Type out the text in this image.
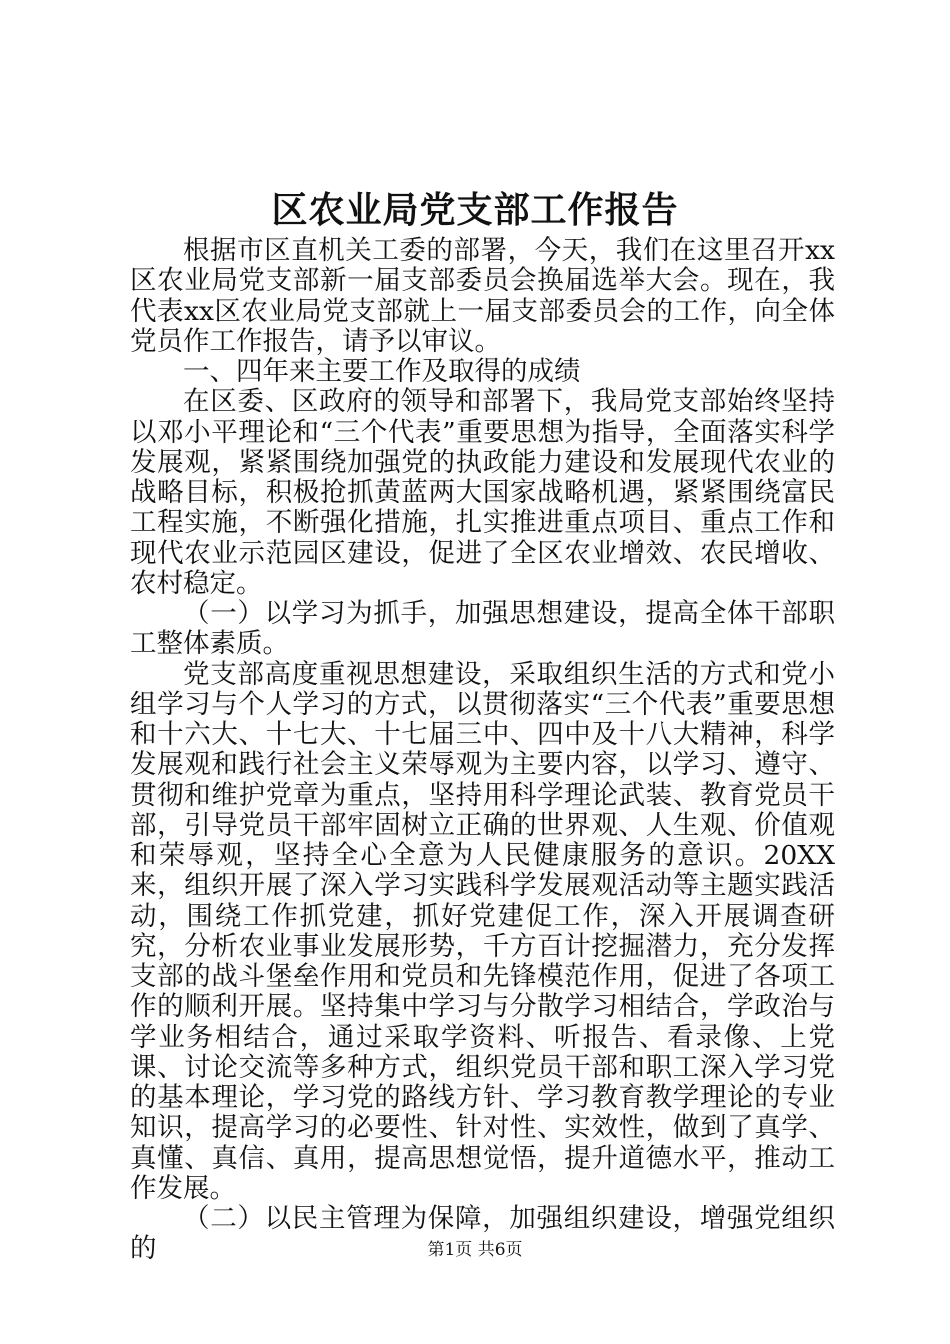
区农业局党支部工作报告

根据市区直机关工委的部署，今天，我们在这里召开xx区农业局党支部新一届支部委员会换届选举大会。现在，我代表xx区农业局党支部就上一届支部委员会的工作，向全体党员作工作报告，请予以审议。

一、四年来主要工作及取得的成绩

在区委、区政府的领导和部署下，我局党支部始终坚持以邓小平理论和“三个代表”重要思想为指导，全面落实科学发展观，紧紧围绕加强党的执政能力建设和发展现代农业的战略目标，积极抢抓黄蓝两大国家战略机遇，紧紧围绕富民工程实施，不断强化措施，扎实推进重点项目、重点工作和现代农业示范园区建设，促进了全区农业增效、农民增收、农村稳定。

（一）以学习为抓手，加强思想建设，提高全体干部职工整体素质。

党支部高度重视思想建设，采取组织生活的方式和党小组学习与个人学习的方式，以贯彻落实“三个代表”重要思想和十六大、十七大、十七届三中、四中及十八大精神，科学发展观和践行社会主义荣辱观为主要内容，以学习、遵守、贯彻和维护党章为重点，坚持用科学理论武装、教育党员干部，引导党员干部牢固树立正确的世界观、人生观、价值观和荣辱观，坚持全心全意为人民健康服务的意识。20XX来，组织开展了深入学习实践科学发展观活动等主题实践活动，围绕工作抓党建，抓好党建促工作，深入开展调查研究，分析农业事业发展形势，千方百计挖掘潜力，充分发挥支部的战斗堡垒作用和党员和先锋模范作用，促进了各项工作的顺利开展。坚持集中学习与分散学习相结合，学政治与学业务相结合，通过采取学资料、听报告、看录像、上党课、讨论交流等多种方式，组织党员干部和职工深入学习党的基本理论，学习党的路线方针、学习教育教学理论的专业知识，提高学习的必要性、针对性、实效性，做到了真学、真懂、真信、真用，提高思想觉悟，提升道德水平，推动工作发展。

（二）以民主管理为保障，加强组织建设，增强党组织的	第1页 共6页
